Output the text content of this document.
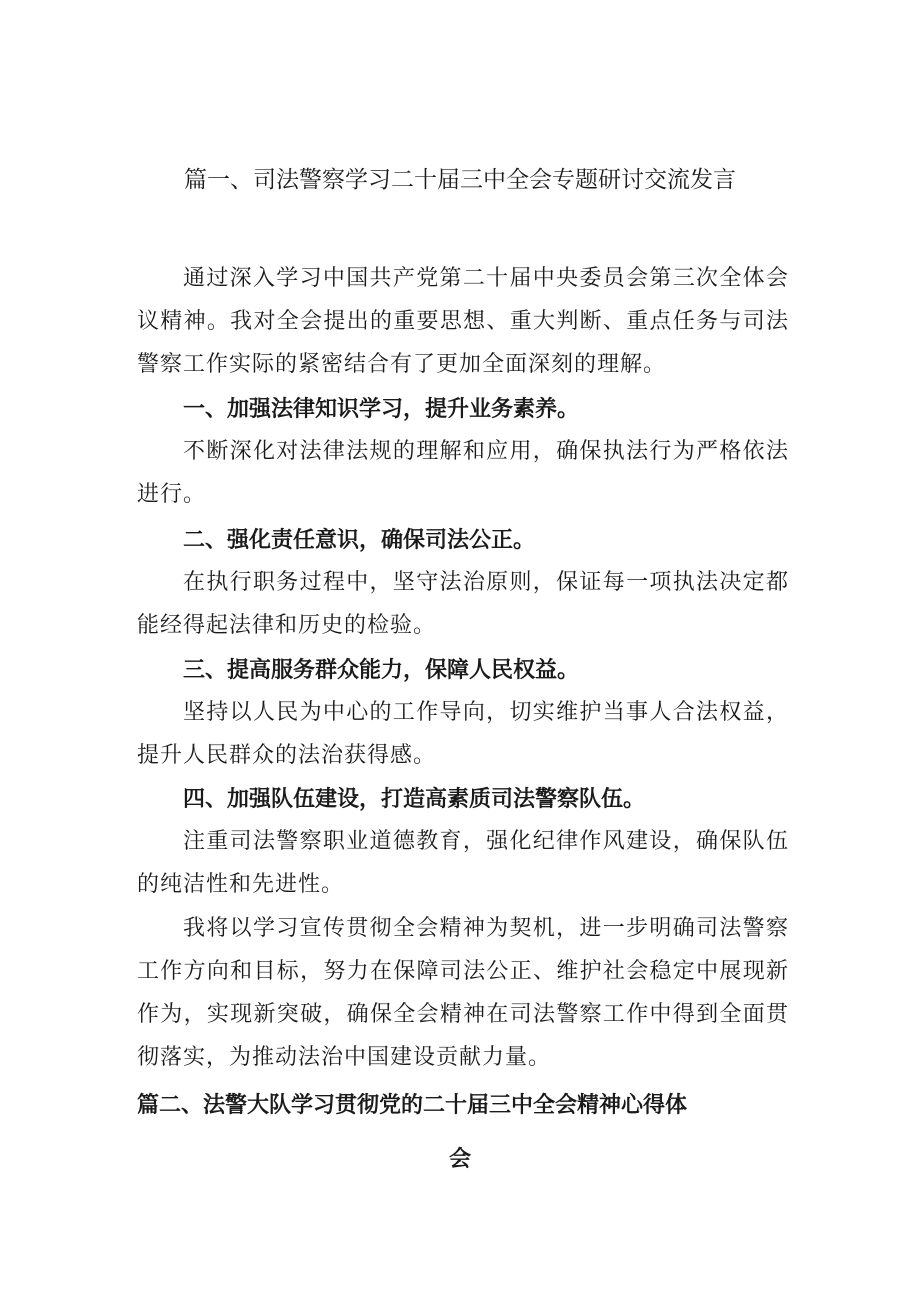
篇一、司法警察学习二十届三中全会专题研讨交流发言

通过深入学习中国共产党第二十届中央委员会第三次全体会议精神。我对全会提出的重要思想、重大判断、重点任务与司法警察工作实际的紧密结合有了更加全面深刻的理解。

一、加强法律知识学习，提升业务素养。

不断深化对法律法规的理解和应用，确保执法行为严格依法进行。

二、强化责任意识，确保司法公正。

在执行职务过程中，坚守法治原则，保证每一项执法决定都能经得起法律和历史的检验。

三、提高服务群众能力，保障人民权益。

坚持以人民为中心的工作导向，切实维护当事人合法权益，提升人民群众的法治获得感。

四、加强队伍建设，打造高素质司法警察队伍。

注重司法警察职业道德教育，强化纪律作风建设，确保队伍的纯洁性和先进性。

我将以学习宣传贯彻全会精神为契机，进一步明确司法警察工作方向和目标，努力在保障司法公正、维护社会稳定中展现新作为，实现新突破，确保全会精神在司法警察工作中得到全面贯彻落实，为推动法治中国建设贡献力量。

篇二、法警大队学习贯彻党的二十届三中全会精神心得体
会
